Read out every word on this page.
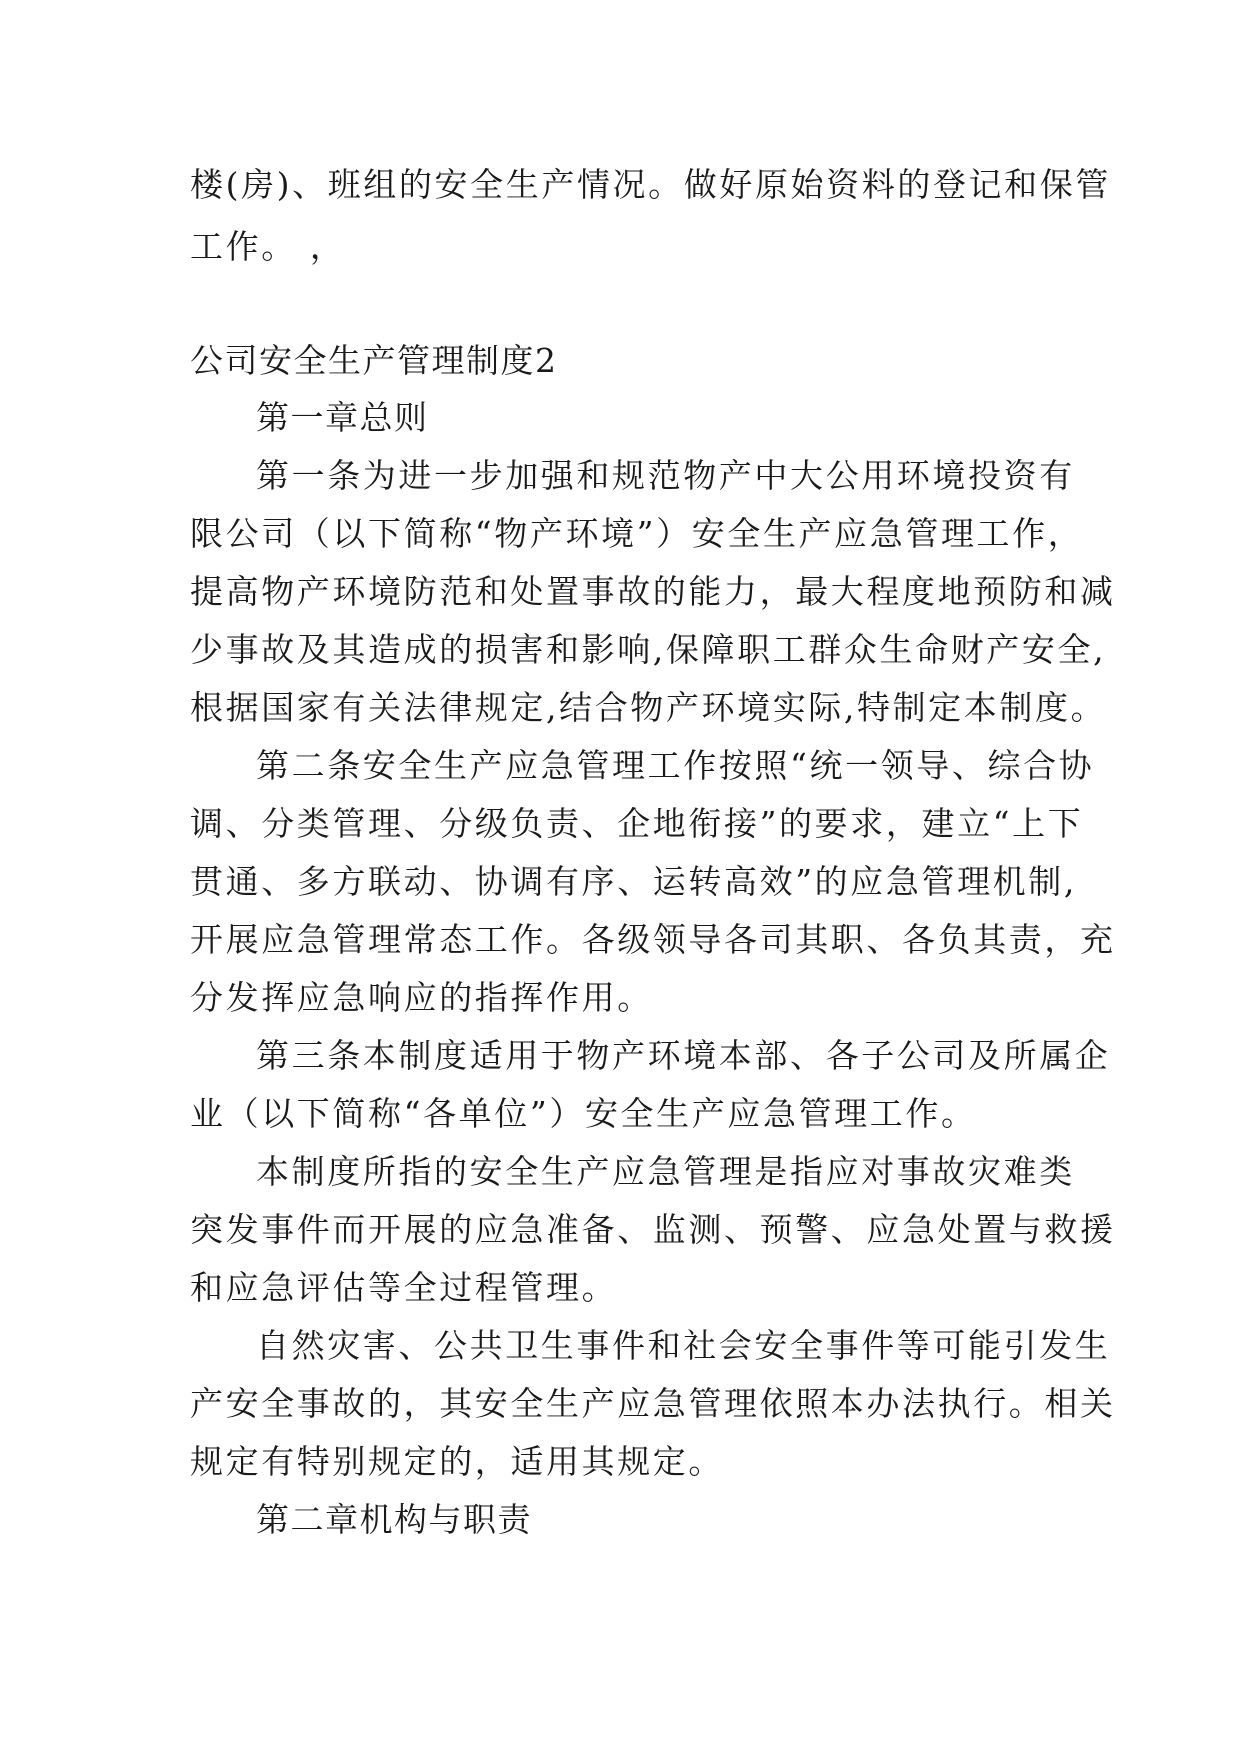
楼(房)、班组的安全生产情况。做好原始资料的登记和保管
工作。 ，
公司安全生产管理制度2
第一章总则
第一条为进一步加强和规范物产中大公用环境投资有
限公司（以下简称“物产环境”）安全生产应急管理工作，
提高物产环境防范和处置事故的能力，最大程度地预防和减
少事故及其造成的损害和影响,保障职工群众生命财产安全,
根据国家有关法律规定,结合物产环境实际,特制定本制度。
第二条安全生产应急管理工作按照“统一领导、综合协
调、分类管理、分级负责、企地衔接”的要求，建立“上下
贯通、多方联动、协调有序、运转高效”的应急管理机制,
开展应急管理常态工作。各级领导各司其职、各负其责，充
分发挥应急响应的指挥作用。
第三条本制度适用于物产环境本部、各子公司及所属企
业（以下简称“各单位”）安全生产应急管理工作。
本制度所指的安全生产应急管理是指应对事故灾难类
突发事件而开展的应急准备、监测、预警、应急处置与救援
和应急评估等全过程管理。
自然灾害、公共卫生事件和社会安全事件等可能引发生
产安全事故的，其安全生产应急管理依照本办法执行。相关
规定有特别规定的，适用其规定。
第二章机构与职责
